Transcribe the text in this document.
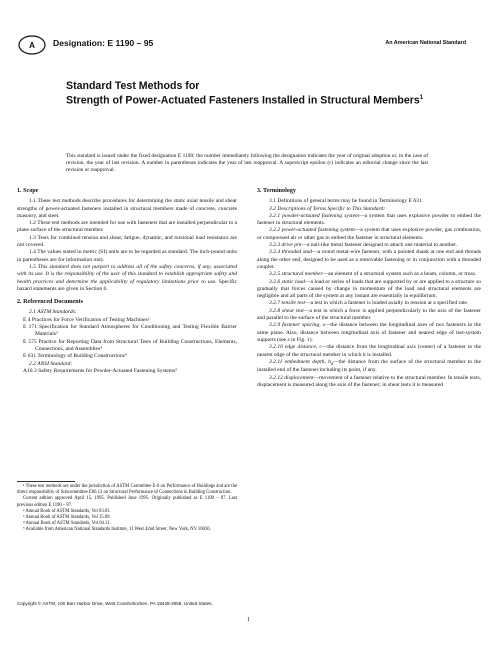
A Designation: E 1190 – 95	An American National Standard
Standard Test Methods for
Strength of Power-Actuated Fasteners Installed in Structural Members$^1$
This standard is issued under the fixed designation E 1190; the number immediately following the designation indicates the year of original adoption or, in the case of revision, the year of last revision. A number in parentheses indicates the year of last reapproval. A superscript epsilon (ε) indicates an editorial change since the last revision or reapproval.
1. Scope

1.1 These test methods describe procedures for determining the static axial tensile and shear strengths of power-actuated fasteners installed in structural members made of concrete, concrete masonry, and steel.

1.2 These test methods are intended for use with fasteners that are installed perpendicular to a plane surface of the structural member.

1.3 Tests for combined tension and shear, fatigue, dynamic, and torsional load resistance are not covered.

1.4 The values stated in metric (SI) units are to be regarded as standard. The inch-pound units in parentheses are for information only.

1.5 This standard does not purport to address all of the safety concerns, if any, associated with its use. It is the responsibility of the user of this standard to establish appropriate safety and health practices and determine the applicability of regulatory limitations prior to use. Specific hazard statements are given in Section 6.

2. Referenced Documents

2.1 ASTM Standards:

E 4 Practices for Force Verification of Testing Machines²

E 171 Specification for Standard Atmospheres for Conditioning and Testing Flexible Barrier Materials³

E 575 Practice for Reporting Data from Structural Tests of Building Constructions, Elements, Connections, and Assemblies⁴

E 631 Terminology of Building Constructions⁴

2.2 ANSI Standard:

A10.3 Safety Requirements for Powder-Actuated Fastening Systems⁵

3. Terminology

3.1 Definitions of general terms may be found in Terminology E 631.

3.2 Descriptions of Terms Specific to This Standard:

3.2.1 powder-actuated fastening system—a system that uses explosive powder to embed the fastener in structural elements.

3.2.2 power-actuated fastening system—a system that uses explosive powder, gas combustion, or compressed air or other gas to embed the fastener in structural elements.

3.2.3 drive pin—a nail-like metal fastener designed to attach one material to another.

3.2.4 threaded stud—a round metal-wire fastener, with a pointed shank at one end and threads along the other end, designed to be used as a removable fastening or in conjunction with a threaded coupler.

3.2.5 structural member—an element of a structural system such as a beam, column, or truss.

3.2.6 static load—a load or series of loads that are supported by or are applied to a structure so gradually that forces caused by change in momentum of the load and structural elements are negligible and all parts of the system at any instant are essentially in equilibrium.

3.2.7 tensile test—a test in which a fastener is loaded axially in tension at a specified rate.

3.2.8 shear test—a test in which a force is applied perpendicularly to the axis of the fastener and parallel to the surface of the structural member.

3.2.9 fastener spacing, s—the distance between the longitudinal axes of two fasteners in the same plane. Also, distance between longitudinal axis of fastener and nearest edge of test-system supports (see s in Fig. 1).

3.2.10 edge distance, c—the distance from the longitudinal axis (center) of a fastener to the nearest edge of the structural member in which it is installed.

3.2.11 embedment depth, $h_d—the$ distance from the surface of the structural member to the installed end of the fastener including its point, if any.

3.2.12 displacement—movement of a fastener relative to the structural member. In tensile tests, displacement is measured along the axis of the fastener; in shear tests it is measured

¹ These test methods are under the jurisdiction of ASTM Committee E-6 on Performance of Buildings and are the direct responsibility of Subcommittee E06.13 on Structural Performance of Connections in Building Construction.

Current edition approved April 15, 1995. Published June 1995. Originally published as E 1190 – 87. Last previous edition E 1190 – 87.

² Annual Book of ASTM Standards, Vol 03.01.

³ Annual Book of ASTM Standards, Vol 15.09.

⁴ Annual Book of ASTM Standards, Vol 04.11.

⁵ Available from American National Standards Institute, 11 West 42nd Street, New York, NY 10036.

Copyright © ASTM, 100 Barr Harbor Drive, West Conshohocken, PA 19428-2959, United States.
1
